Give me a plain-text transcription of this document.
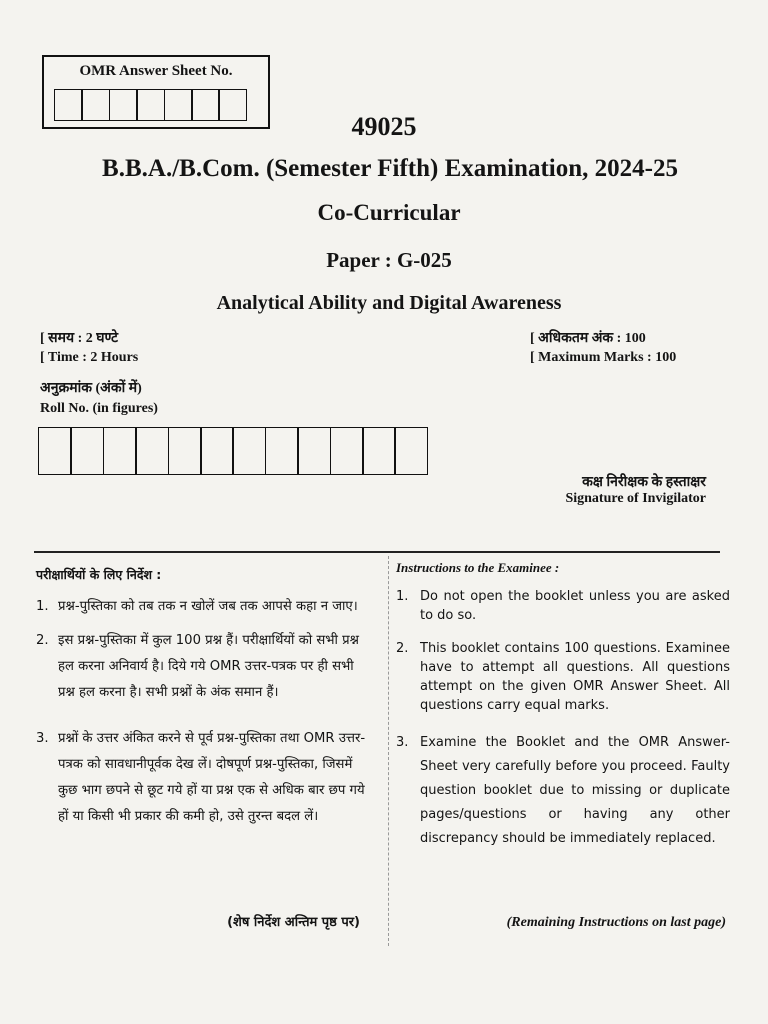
OMR Answer Sheet No.
49025
B.B.A./B.Com. (Semester Fifth) Examination, 2024-25
Co-Curricular
Paper : G-025
Analytical Ability and Digital Awareness
[ समय : 2 घण्टे
[ Time : 2 Hours
[ अधिकतम अंक : 100
[ Maximum Marks : 100
अनुक्रमांक (अंकों में)
Roll No. (in figures)
कक्ष निरीक्षक के हस्ताक्षर
Signature of Invigilator
परीक्षार्थियों के लिए निर्देश :
1. प्रश्न-पुस्तिका को तब तक न खोलें जब तक आपसे कहा न जाए।
2. इस प्रश्न-पुस्तिका में कुल 100 प्रश्न हैं। परीक्षार्थियों को सभी प्रश्न हल करना अनिवार्य है। दिये गये OMR उत्तर-पत्रक पर ही सभी प्रश्न हल करना है। सभी प्रश्नों के अंक समान हैं।
3. प्रश्नों के उत्तर अंकित करने से पूर्व प्रश्न-पुस्तिका तथा OMR उत्तर-पत्रक को सावधानीपूर्वक देख लें। दोषपूर्ण प्रश्न-पुस्तिका, जिसमें कुछ भाग छपने से छूट गये हों या प्रश्न एक से अधिक बार छप गये हों या किसी भी प्रकार की कमी हो, उसे तुरन्त बदल लें।
(शेष निर्देश अन्तिम पृष्ठ पर)
Instructions to the Examinee :
1. Do not open the booklet unless you are asked to do so.
2. This booklet contains 100 questions. Examinee have to attempt all questions. All questions attempt on the given OMR Answer Sheet. All questions carry equal marks.
3. Examine the Booklet and the OMR Answer-Sheet very carefully before you proceed. Faulty question booklet due to missing or duplicate pages/questions or having any other discrepancy should be immediately replaced.
(Remaining Instructions on last page)
